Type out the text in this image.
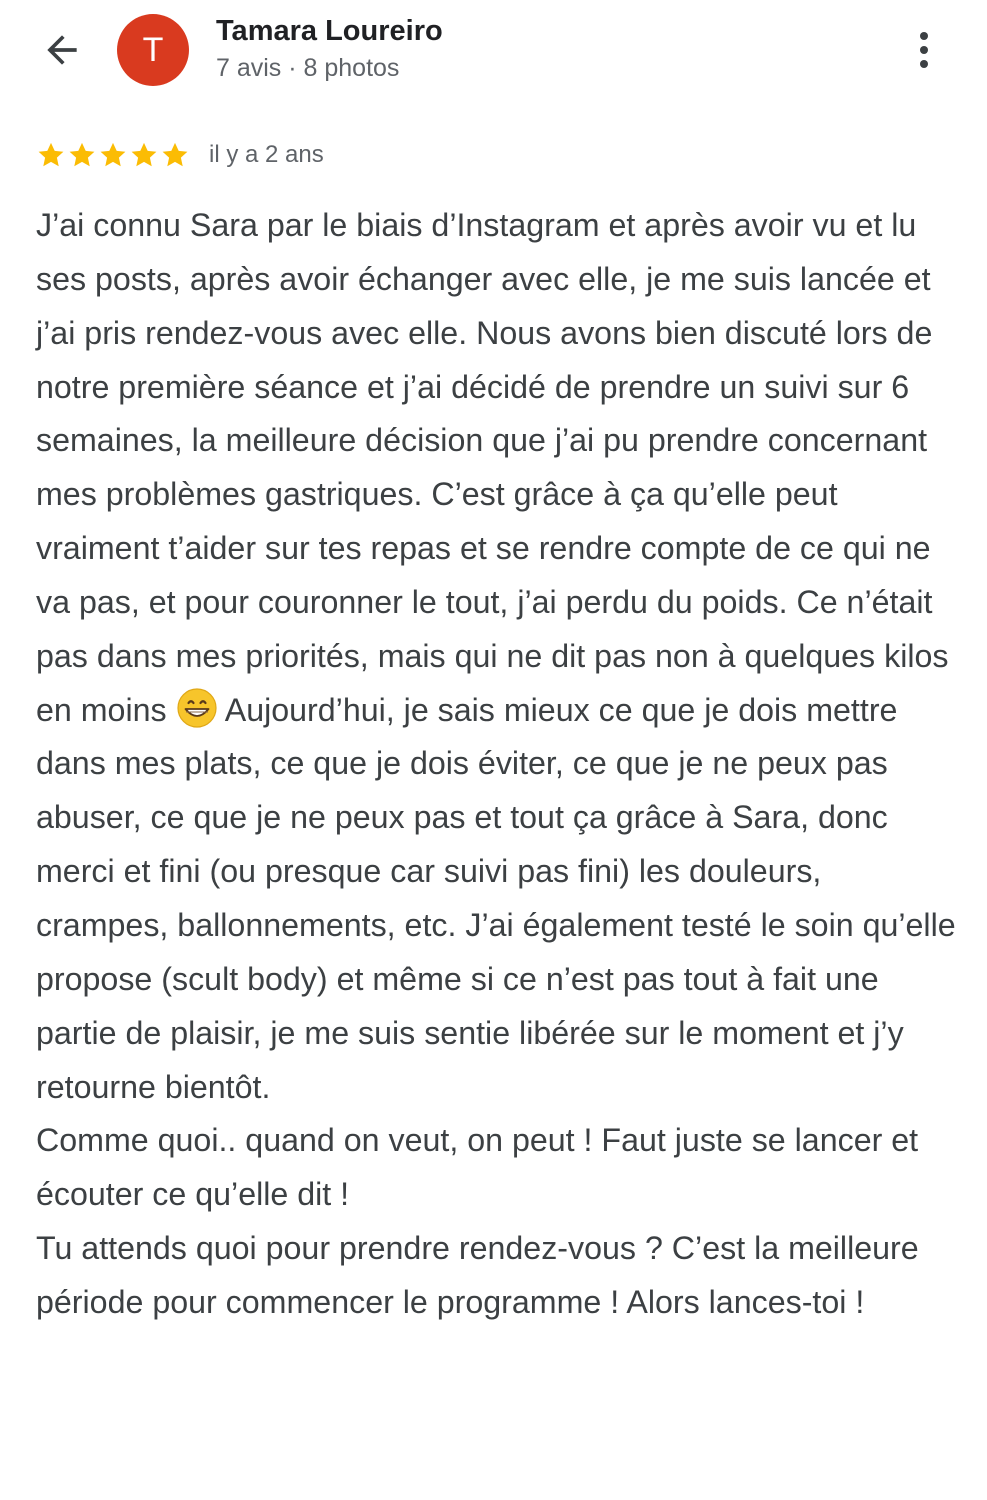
T Tamara Loureiro
7 avis · 8 photos
il y a 2 ans

J’ai connu Sara par le biais d’Instagram et après avoir vu et lu ses posts, après avoir échanger avec elle, je me suis lancée et j’ai pris rendez-vous avec elle. Nous avons bien discuté lors de notre première séance et j’ai décidé de prendre un suivi sur 6 semaines, la meilleure décision que j’ai pu prendre concernant mes problèmes gastriques. C’est grâce à ça qu’elle peut vraiment t’aider sur tes repas et se rendre compte de ce qui ne va pas, et pour couronner le tout, j’ai perdu du poids. Ce n’était pas dans mes priorités, mais qui ne dit pas non à quelques kilos en moins Aujourd’hui, je sais mieux ce que je dois mettre dans mes plats, ce que je dois éviter, ce que je ne peux pas abuser, ce que je ne peux pas et tout ça grâce à Sara, donc merci et fini (ou presque car suivi pas fini) les douleurs, crampes, ballonnements, etc. J’ai également testé le soin qu’elle propose (scult body) et même si ce n’est pas tout à fait une partie de plaisir, je me suis sentie libérée sur le moment et j’y retourne bientôt.

Comme quoi.. quand on veut, on peut ! Faut juste se lancer et écouter ce qu’elle dit !

Tu attends quoi pour prendre rendez-vous ? C’est la meilleure période pour commencer le programme ! Alors lances-toi !
